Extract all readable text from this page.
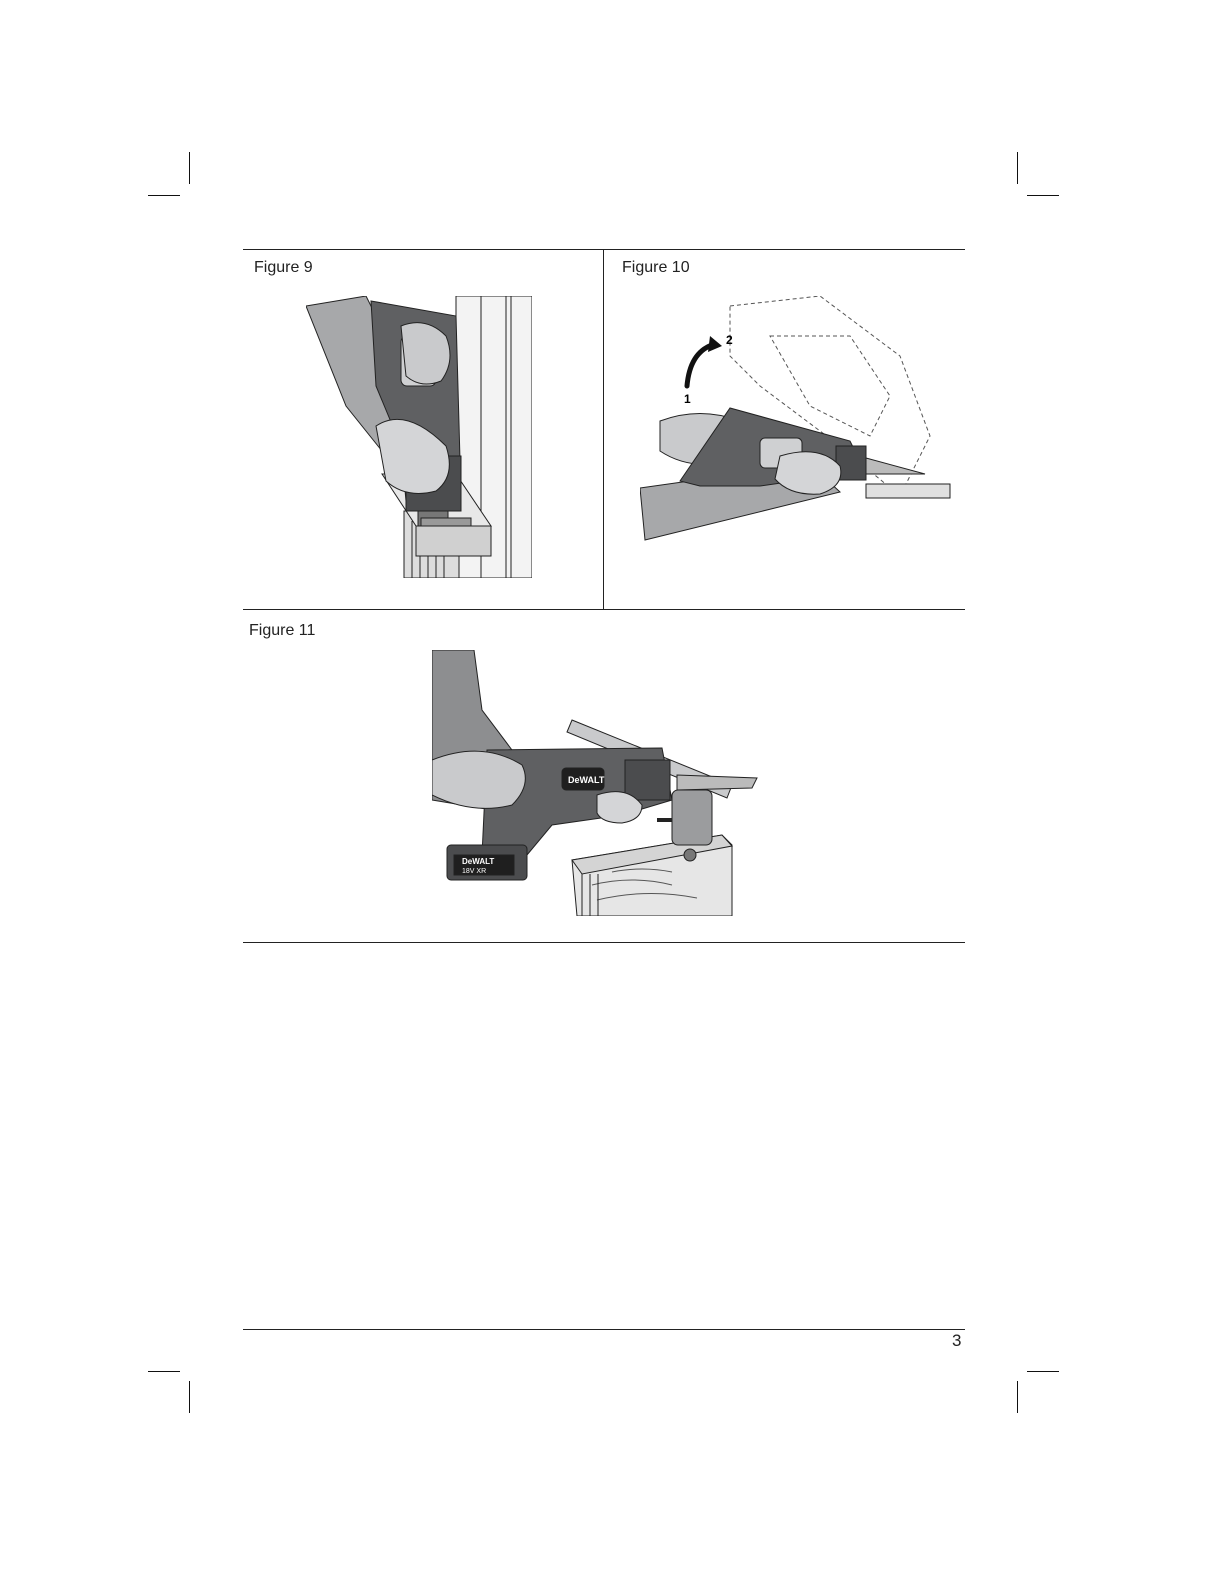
Figure 9	Figure 10
Figure 11
2
1
DeWALT
DeWALT
18V XR
3
